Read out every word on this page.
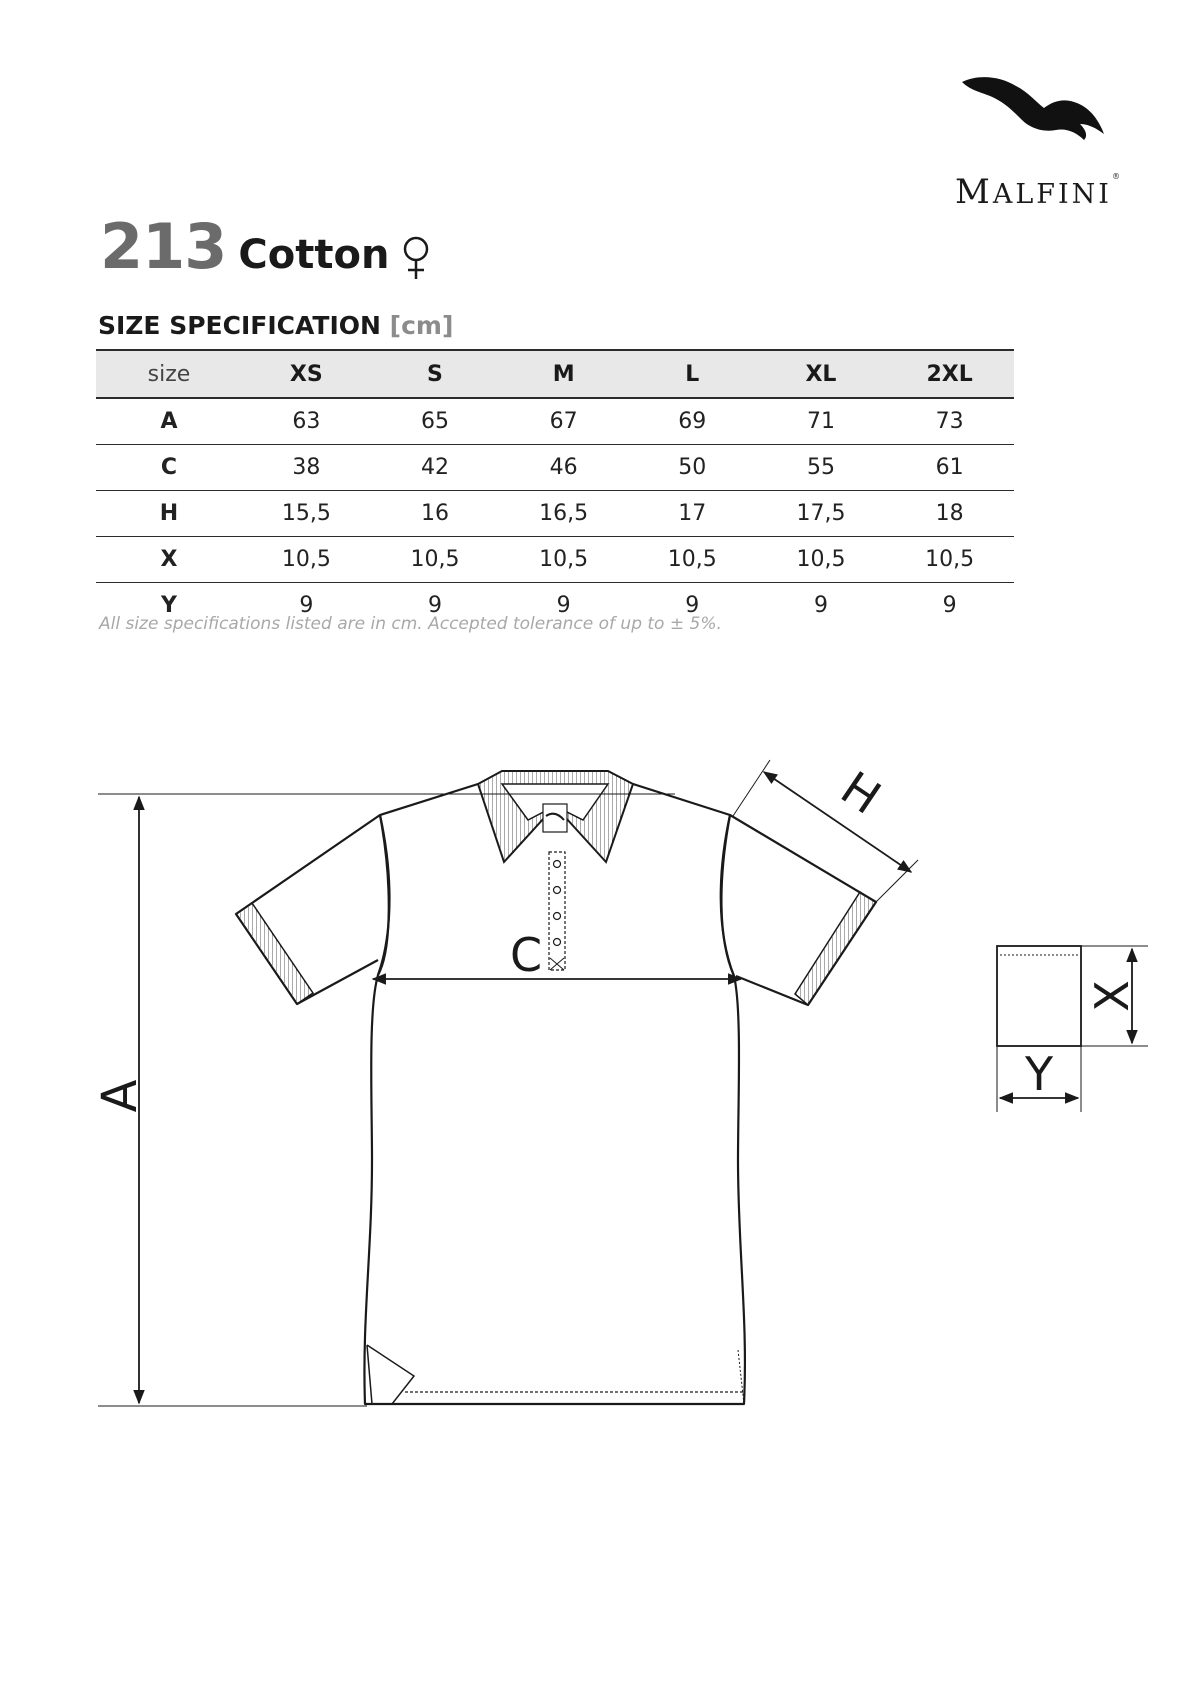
MALFINI®
213 Cotton
SIZE SPECIFICATION [cm]
size	XS	S	M	L	XL	2XL
A	63	65	67	69	71	73
C	38	42	46	50	55	61
H	15,5	16	16,5	17	17,5	18
X	10,5	10,5	10,5	10,5	10,5	10,5
Y	9	9	9	9	9	9
All size specifications listed are in cm. Accepted tolerance of up to ± 5%.
A
C
H
X
Y
